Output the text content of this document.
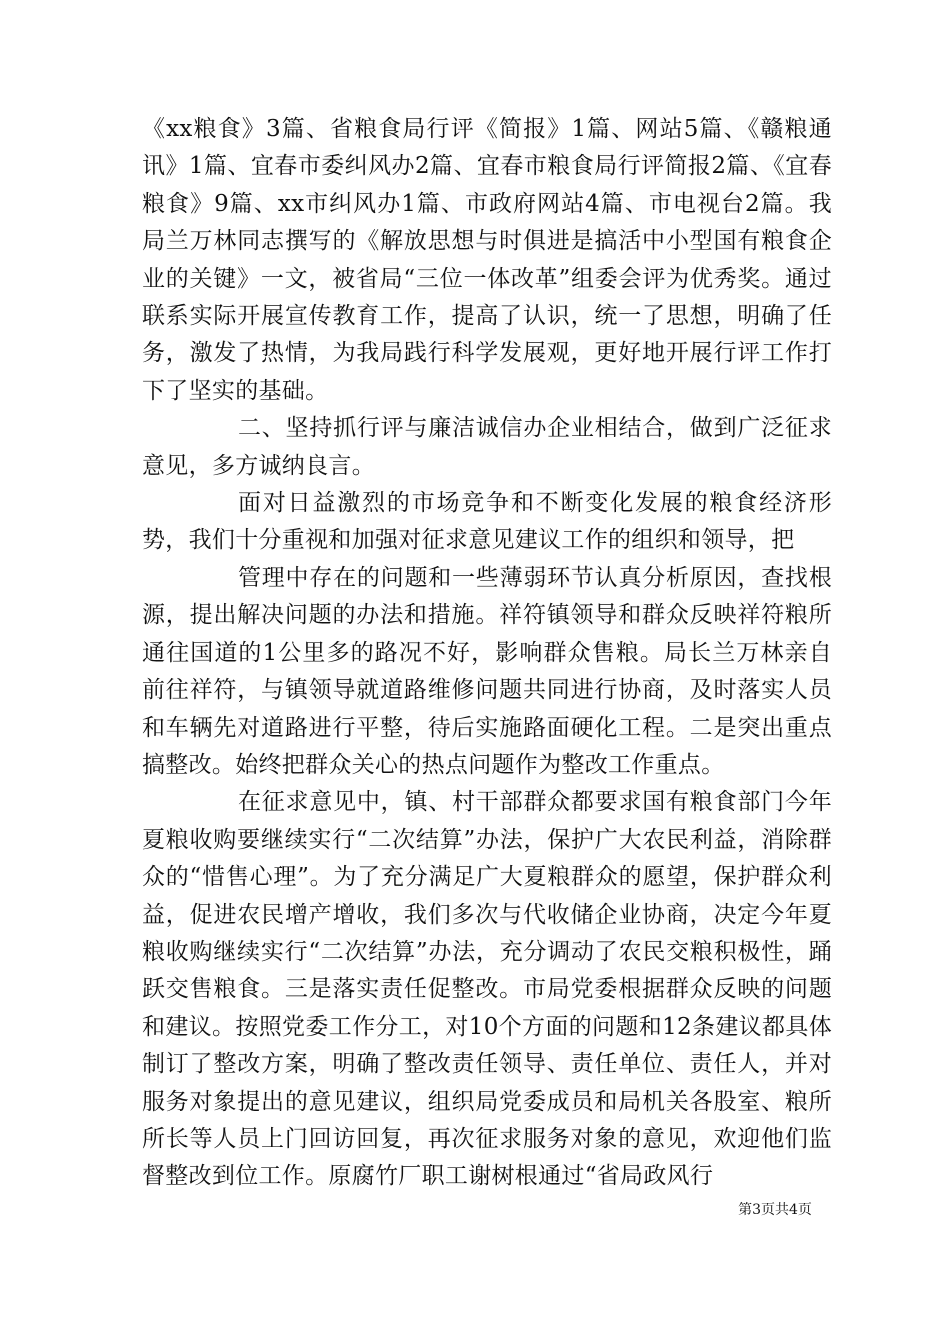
《xx粮食》3篇、省粮食局行评《简报》1篇、网站5篇、《赣粮通讯》1篇、宜春市委纠风办2篇、宜春市粮食局行评简报2篇、《宜春粮食》9篇、xx市纠风办1篇、市政府网站4篇、市电视台2篇。我局兰万林同志撰写的《解放思想与时俱进是搞活中小型国有粮食企业的关键》一文，被省局“三位一体改革”组委会评为优秀奖。通过联系实际开展宣传教育工作，提高了认识，统一了思想，明确了任务，激发了热情，为我局践行科学发展观，更好地开展行评工作打下了坚实的基础。

二、坚持抓行评与廉洁诚信办企业相结合，做到广泛征求意见，多方诚纳良言。

面对日益激烈的市场竞争和不断变化发展的粮食经济形势，我们十分重视和加强对征求意见建议工作的组织和领导，把

管理中存在的问题和一些薄弱环节认真分析原因，查找根源，提出解决问题的办法和措施。祥符镇领导和群众反映祥符粮所通往国道的1公里多的路况不好，影响群众售粮。局长兰万林亲自前往祥符，与镇领导就道路维修问题共同进行协商，及时落实人员和车辆先对道路进行平整，待后实施路面硬化工程。二是突出重点搞整改。始终把群众关心的热点问题作为整改工作重点。

在征求意见中，镇、村干部群众都要求国有粮食部门今年夏粮收购要继续实行“二次结算”办法，保护广大农民利益，消除群众的“惜售心理”。为了充分满足广大夏粮群众的愿望，保护群众利益，促进农民增产增收，我们多次与代收储企业协商，决定今年夏粮收购继续实行“二次结算”办法，充分调动了农民交粮积极性，踊跃交售粮食。三是落实责任促整改。市局党委根据群众反映的问题和建议。按照党委工作分工，对10个方面的问题和12条建议都具体制订了整改方案，明确了整改责任领导、责任单位、责任人，并对服务对象提出的意见建议，组织局党委成员和局机关各股室、粮所所长等人员上门回访回复，再次征求服务对象的意见，欢迎他们监督整改到位工作。原腐竹厂职工谢树根通过“省局政风行

第3页共4页
